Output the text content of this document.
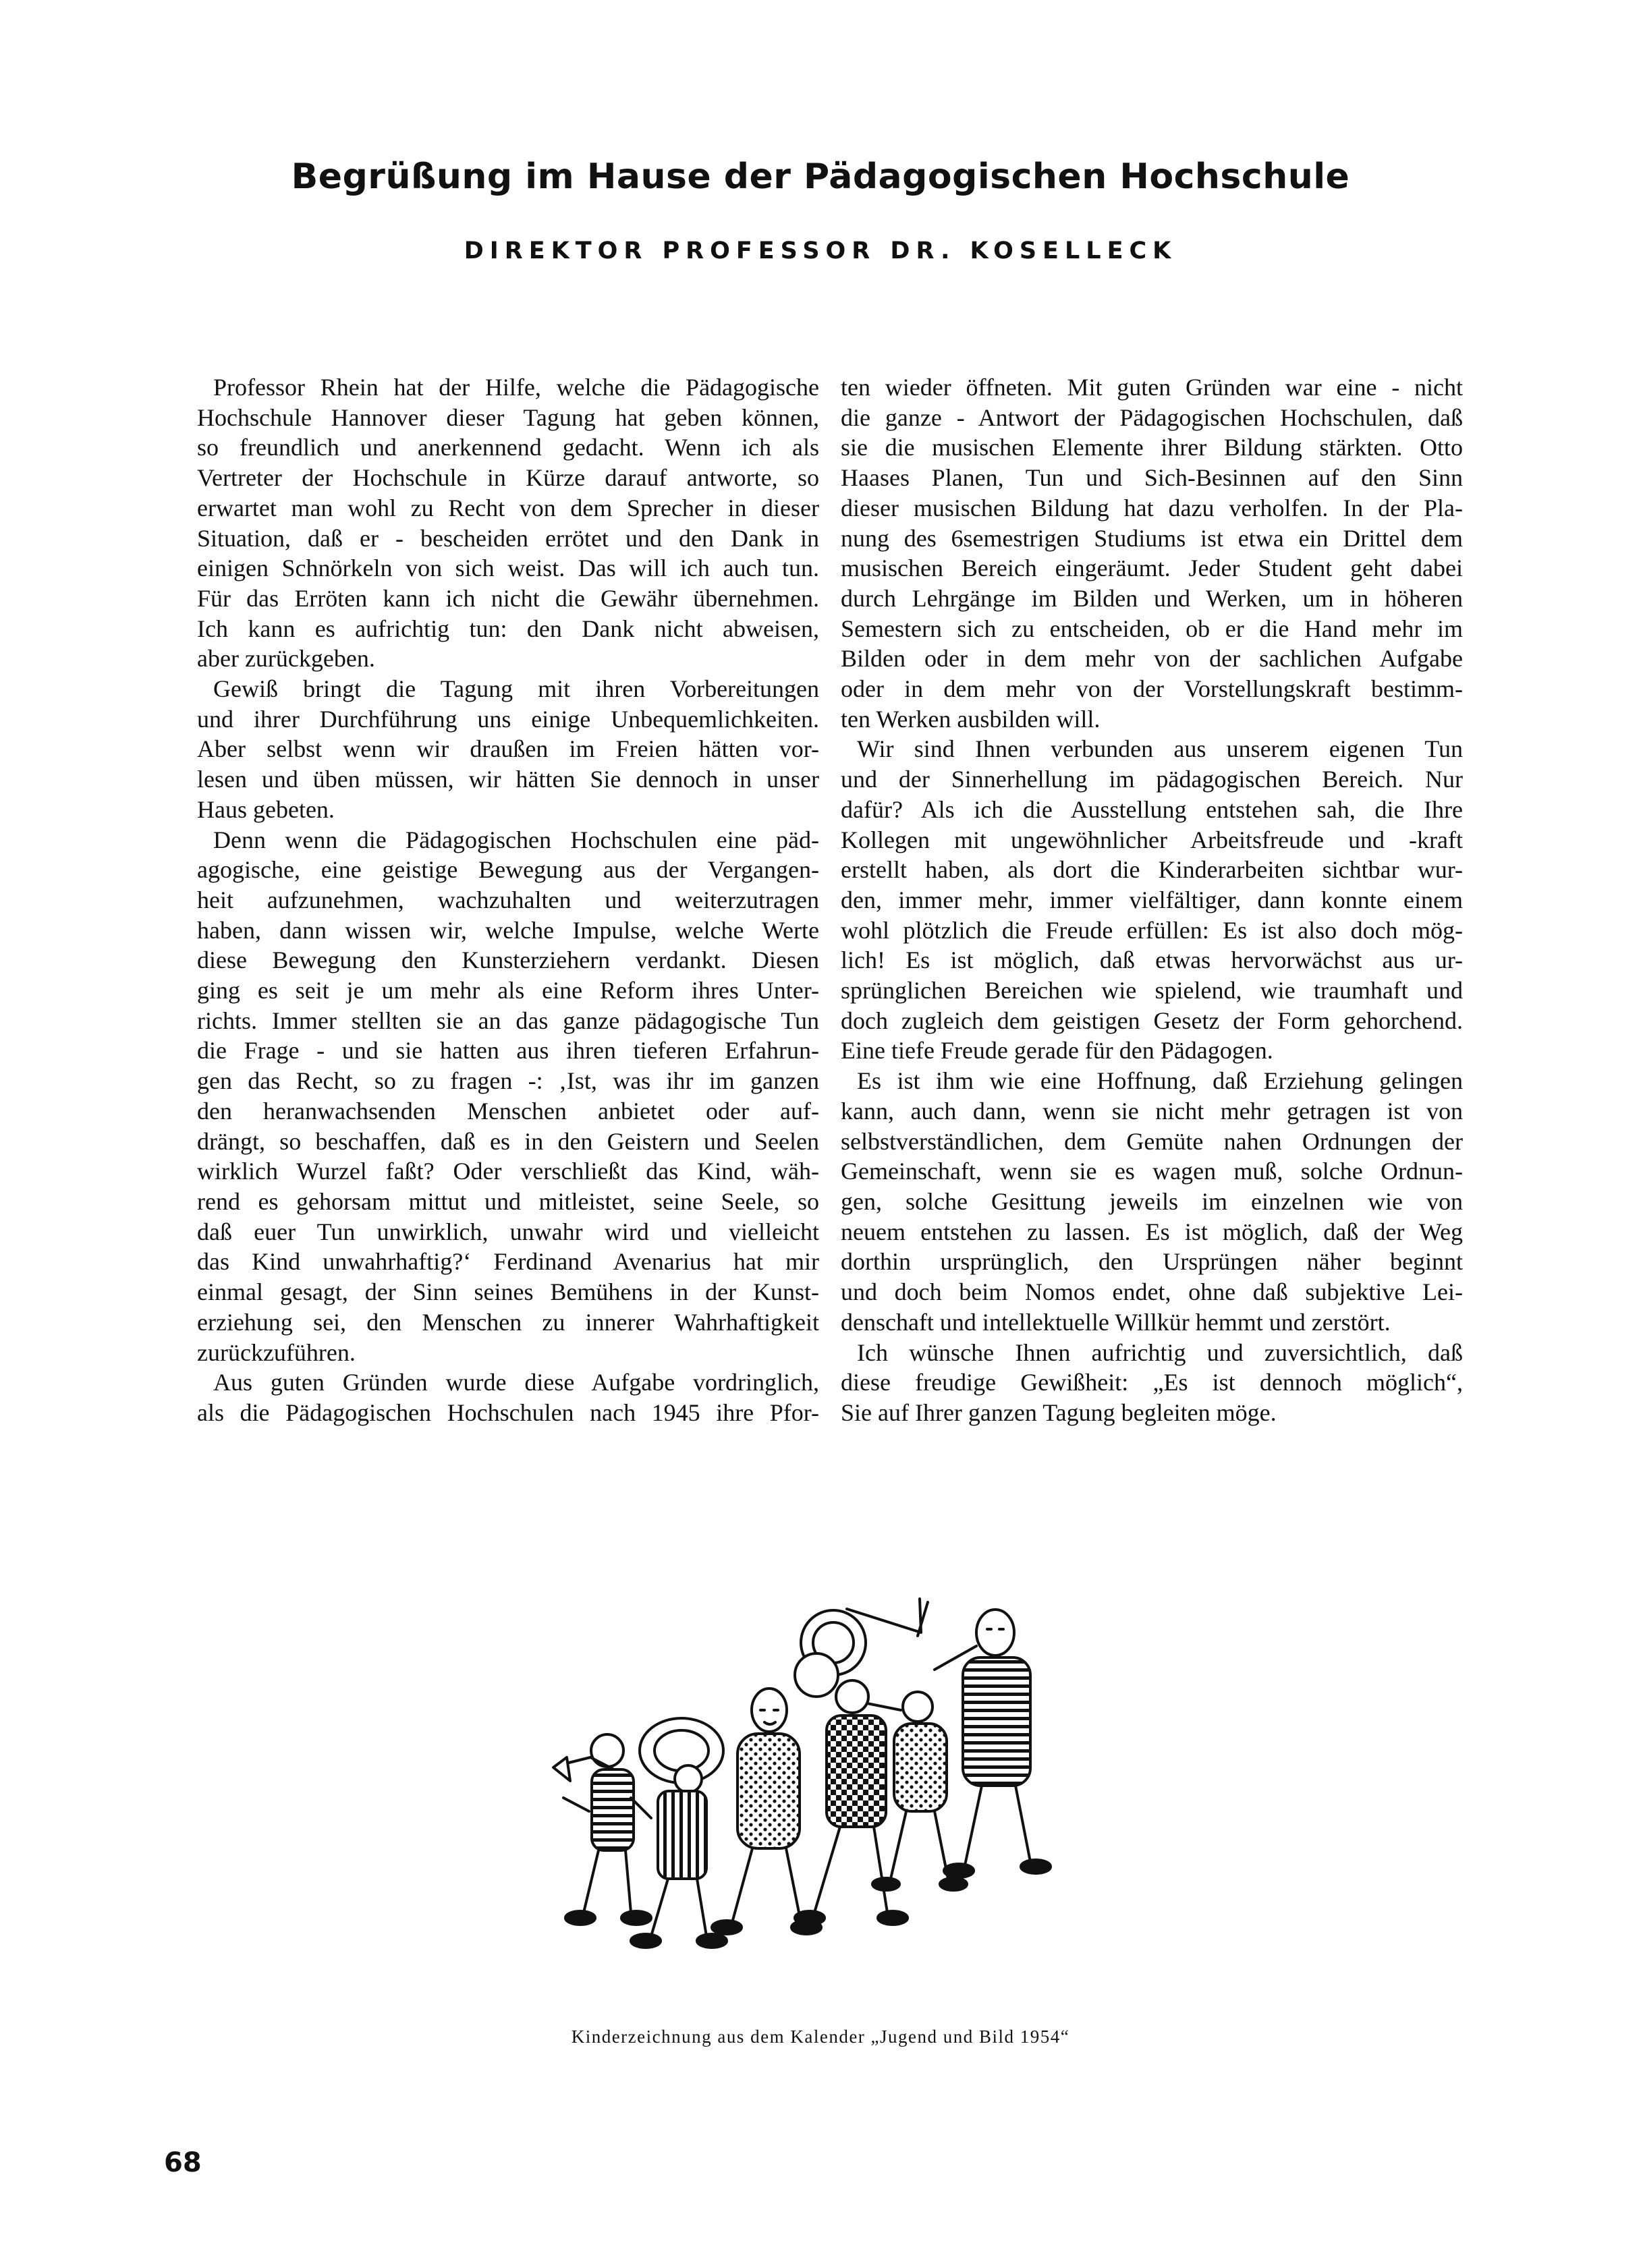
Begrüßung im Hause der Pädagogischen Hochschule
DIREKTOR PROFESSOR DR. KOSELLECK

Professor Rhein hat der Hilfe, welche die Pädagogische
Hochschule Hannover dieser Tagung hat geben können,
so freundlich und anerkennend gedacht. Wenn ich als
Vertreter der Hochschule in Kürze darauf antworte, so
erwartet man wohl zu Recht von dem Sprecher in dieser
Situation, daß er - bescheiden errötet und den Dank in
einigen Schnörkeln von sich weist. Das will ich auch tun.
Für das Erröten kann ich nicht die Gewähr übernehmen.
Ich kann es aufrichtig tun: den Dank nicht abweisen,
aber zurückgeben.

Gewiß bringt die Tagung mit ihren Vorbereitungen
und ihrer Durchführung uns einige Unbequemlichkeiten.
Aber selbst wenn wir draußen im Freien hätten vor-
lesen und üben müssen, wir hätten Sie dennoch in unser
Haus gebeten.

Denn wenn die Pädagogischen Hochschulen eine päd-
agogische, eine geistige Bewegung aus der Vergangen-
heit aufzunehmen, wachzuhalten und weiterzutragen
haben, dann wissen wir, welche Impulse, welche Werte
diese Bewegung den Kunsterziehern verdankt. Diesen
ging es seit je um mehr als eine Reform ihres Unter-
richts. Immer stellten sie an das ganze pädagogische Tun
die Frage - und sie hatten aus ihren tieferen Erfahrun-
gen das Recht, so zu fragen -: ‚Ist, was ihr im ganzen
den heranwachsenden Menschen anbietet oder auf-
drängt, so beschaffen, daß es in den Geistern und Seelen
wirklich Wurzel faßt? Oder verschließt das Kind, wäh-
rend es gehorsam mittut und mitleistet, seine Seele, so
daß euer Tun unwirklich, unwahr wird und vielleicht
das Kind unwahrhaftig?‘ Ferdinand Avenarius hat mir
einmal gesagt, der Sinn seines Bemühens in der Kunst-
erziehung sei, den Menschen zu innerer Wahrhaftigkeit
zurückzuführen.

Aus guten Gründen wurde diese Aufgabe vordringlich,
als die Pädagogischen Hochschulen nach 1945 ihre Pfor-

ten wieder öffneten. Mit guten Gründen war eine - nicht
die ganze - Antwort der Pädagogischen Hochschulen, daß
sie die musischen Elemente ihrer Bildung stärkten. Otto
Haases Planen, Tun und Sich-Besinnen auf den Sinn
dieser musischen Bildung hat dazu verholfen. In der Pla-
nung des 6semestrigen Studiums ist etwa ein Drittel dem
musischen Bereich eingeräumt. Jeder Student geht dabei
durch Lehrgänge im Bilden und Werken, um in höheren
Semestern sich zu entscheiden, ob er die Hand mehr im
Bilden oder in dem mehr von der sachlichen Aufgabe
oder in dem mehr von der Vorstellungskraft bestimm-
ten Werken ausbilden will.

Wir sind Ihnen verbunden aus unserem eigenen Tun
und der Sinnerhellung im pädagogischen Bereich. Nur
dafür? Als ich die Ausstellung entstehen sah, die Ihre
Kollegen mit ungewöhnlicher Arbeitsfreude und -kraft
erstellt haben, als dort die Kinderarbeiten sichtbar wur-
den, immer mehr, immer vielfältiger, dann konnte einem
wohl plötzlich die Freude erfüllen: Es ist also doch mög-
lich! Es ist möglich, daß etwas hervorwächst aus ur-
sprünglichen Bereichen wie spielend, wie traumhaft und
doch zugleich dem geistigen Gesetz der Form gehorchend.
Eine tiefe Freude gerade für den Pädagogen.

Es ist ihm wie eine Hoffnung, daß Erziehung gelingen
kann, auch dann, wenn sie nicht mehr getragen ist von
selbstverständlichen, dem Gemüte nahen Ordnungen der
Gemeinschaft, wenn sie es wagen muß, solche Ordnun-
gen, solche Gesittung jeweils im einzelnen wie von
neuem entstehen zu lassen. Es ist möglich, daß der Weg
dorthin ursprünglich, den Ursprüngen näher beginnt
und doch beim Nomos endet, ohne daß subjektive Lei-
denschaft und intellektuelle Willkür hemmt und zerstört.

Ich wünsche Ihnen aufrichtig und zuversichtlich, daß
diese freudige Gewißheit: „Es ist dennoch möglich“,
Sie auf Ihrer ganzen Tagung begleiten möge.

Kinderzeichnung aus dem Kalender „Jugend und Bild 1954“

68
